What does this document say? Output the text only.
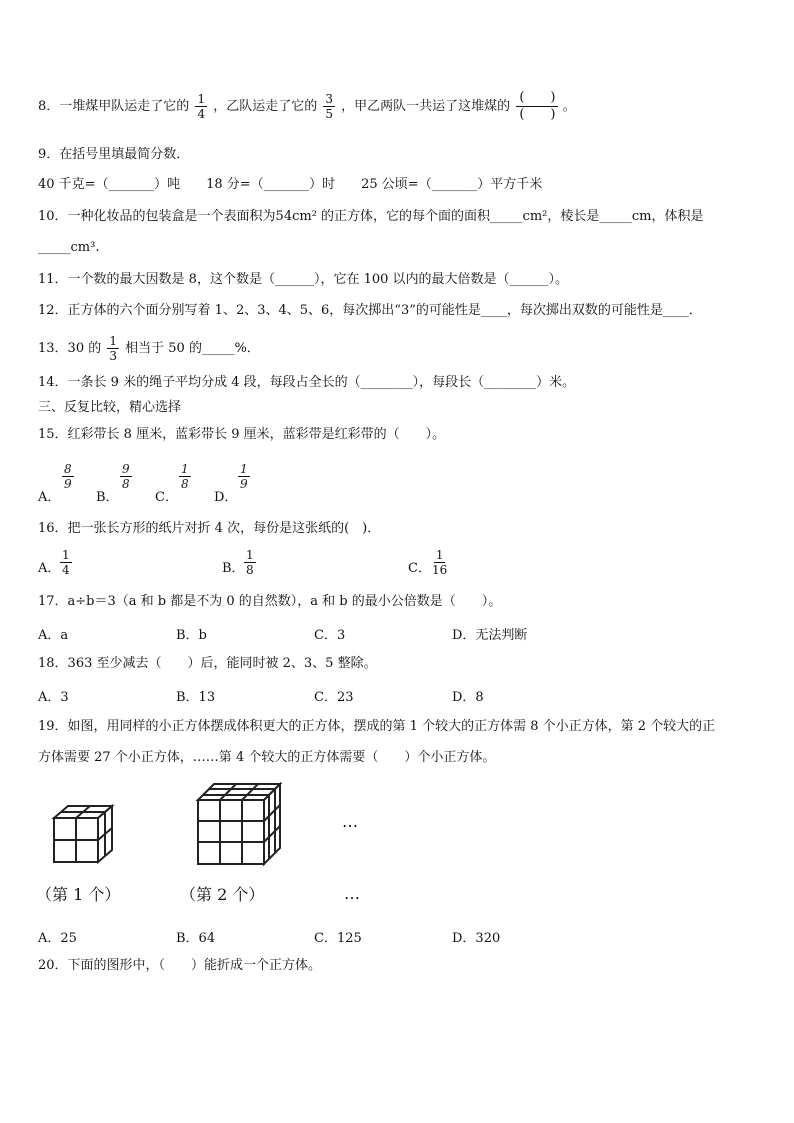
8．一堆煤甲队运走了它的 $\frac{1}{4}$ ，乙队运走了它的 $\frac{3}{5}$ ，甲乙两队一共运了这堆煤的 $\frac{( )}{( )}$ 。
9．在括号里填最简分数．
40 千克=（_______）吨　　18 分=（_______）时　　25 公顷=（_______）平方千米
10．一种化妆品的包装盒是一个表面积为54cm² 的正方体，它的每个面的面积_____cm²，棱长是_____cm，体积是
_____cm³.
11．一个数的最大因数是 8，这个数是（______），它在 100 以内的最大倍数是（______）。
12．正方体的六个面分别写着 1、2、3、4、5、6，每次掷出“3”的可能性是____，每次掷出双数的可能性是____．
13．30 的 $\frac{1}{3}$ 相当于 50 的_____%．
14．一条长 9 米的绳子平均分成 4 段，每段占全长的（________），每段长（________）米。
三、反复比较，精心选择
15．红彩带长 8 厘米，蓝彩带长 9 厘米，蓝彩带是红彩带的（　　）。
A．
$\frac{8}{9}$
B．
$\frac{9}{8}$
C．
$\frac{1}{8}$
D．
$\frac{1}{9}$
16．把一张长方形的纸片对折 4 次，每份是这张纸的(　)．
A． $\frac{1}{4}$	B． $\frac{1}{8}$	C． $\frac{1}{16}$
17．a÷b＝3（a 和 b 都是不为 0 的自然数），a 和 b 的最小公倍数是（　　）。
A．a	B．b	C．3	D．无法判断
18．363 至少减去（　　）后，能同时被 2、3、5 整除。
A．3	B．13	C．23	D．8
19．如图，用同样的小正方体摆成体积更大的正方体，摆成的第 1 个较大的正方体需 8 个小正方体，第 2 个较大的正
方体需要 27 个小正方体，……第 4 个较大的正方体需要（　　）个小正方体。
…
（第 1 个）	（第 2 个）	…
A．25	B．64	C．125	D．320
20．下面的图形中，（　　）能折成一个正方体。
